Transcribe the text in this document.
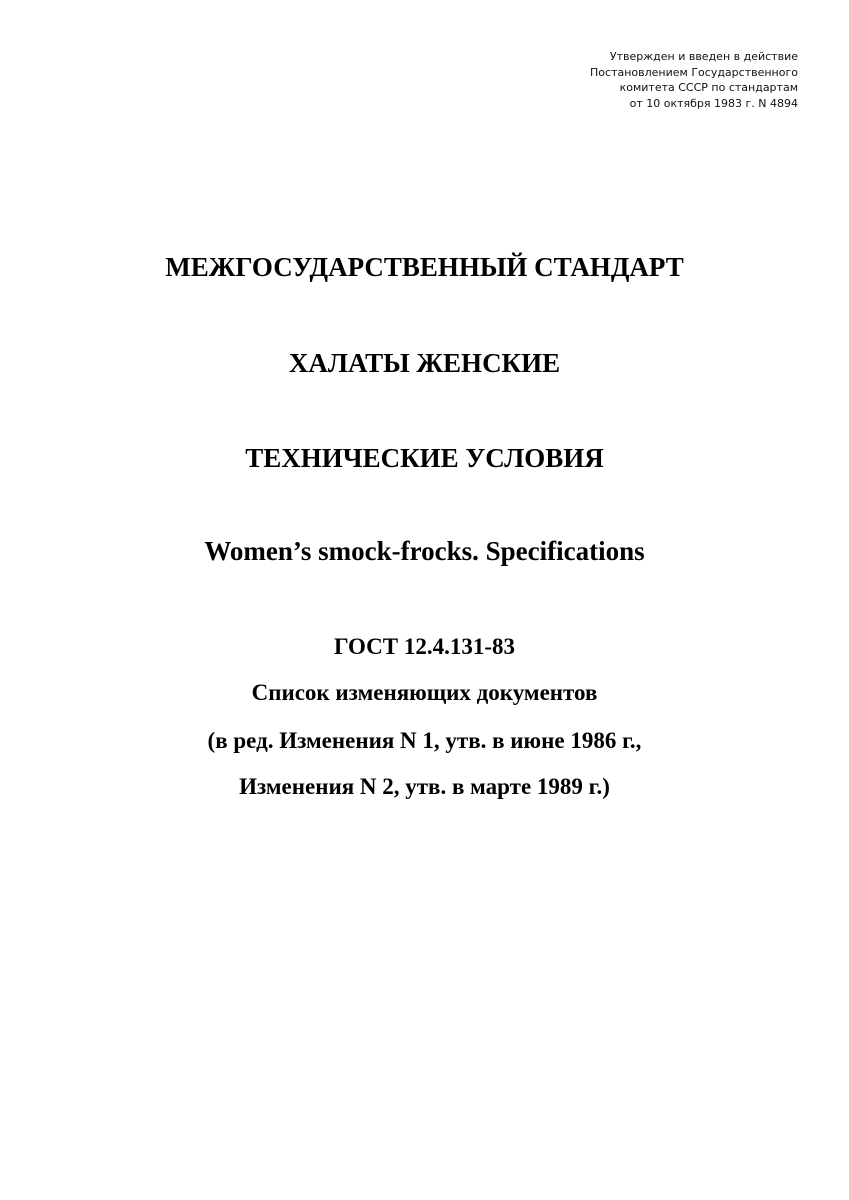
Утвержден и введен в действие
Постановлением Государственного
комитета СССР по стандартам
от 10 октября 1983 г. N 4894
МЕЖГОСУДАРСТВЕННЫЙ СТАНДАРТ
ХАЛАТЫ ЖЕНСКИЕ
ТЕХНИЧЕСКИЕ УСЛОВИЯ
Women’s smock-frocks. Specifications
ГОСТ 12.4.131-83
Список изменяющих документов
(в ред. Изменения N 1, утв. в июне 1986 г.,
Изменения N 2, утв. в марте 1989 г.)
